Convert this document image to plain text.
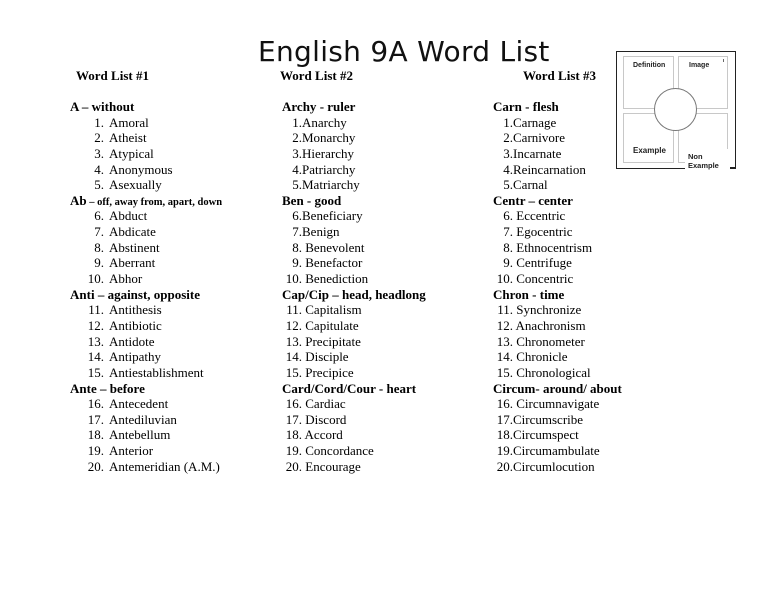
English 9A Word List
Word List #1	Word List #2	Word List #3
A – without
1. Amoral
2. Atheist
3. Atypical
4. Anonymous
5. Asexually
Ab – off, away from, apart, down
6. Abduct
7. Abdicate
8. Abstinent
9. Aberrant
10. Abhor
Anti – against, opposite
11. Antithesis
12. Antibiotic
13. Antidote
14. Antipathy
15. Antiestablishment
Ante – before
16. Antecedent
17. Antediluvian
18. Antebellum
19. Anterior
20. Antemeridian (A.M.)
Archy - ruler
1. Anarchy
2. Monarchy
3. Hierarchy
4. Patriarchy
5. Matriarchy
Ben - good
6. Beneficiary
7. Benign
8. Benevolent
9. Benefactor
10. Benediction
Cap/Cip – head, headlong
11. Capitalism
12. Capitulate
13. Precipitate
14. Disciple
15. Precipice
Card/Cord/Cour - heart
16. Cardiac
17. Discord
18. Accord
19. Concordance
20. Encourage
Carn - flesh
1. Carnage
2. Carnivore
3. Incarnate
4. Reincarnation
5. Carnal
Centr – center
6. Eccentric
7. Egocentric
8. Ethnocentrism
9. Centrifuge
10. Concentric
Chron - time
11. Synchronize
12. Anachronism
13. Chronometer
14. Chronicle
15. Chronological
Circum- around/ about
16. Circumnavigate
17. Circumscribe
18. Circumspect
19. Circumambulate
20. Circumlocution
Definition	Image
Example
Non
Example
